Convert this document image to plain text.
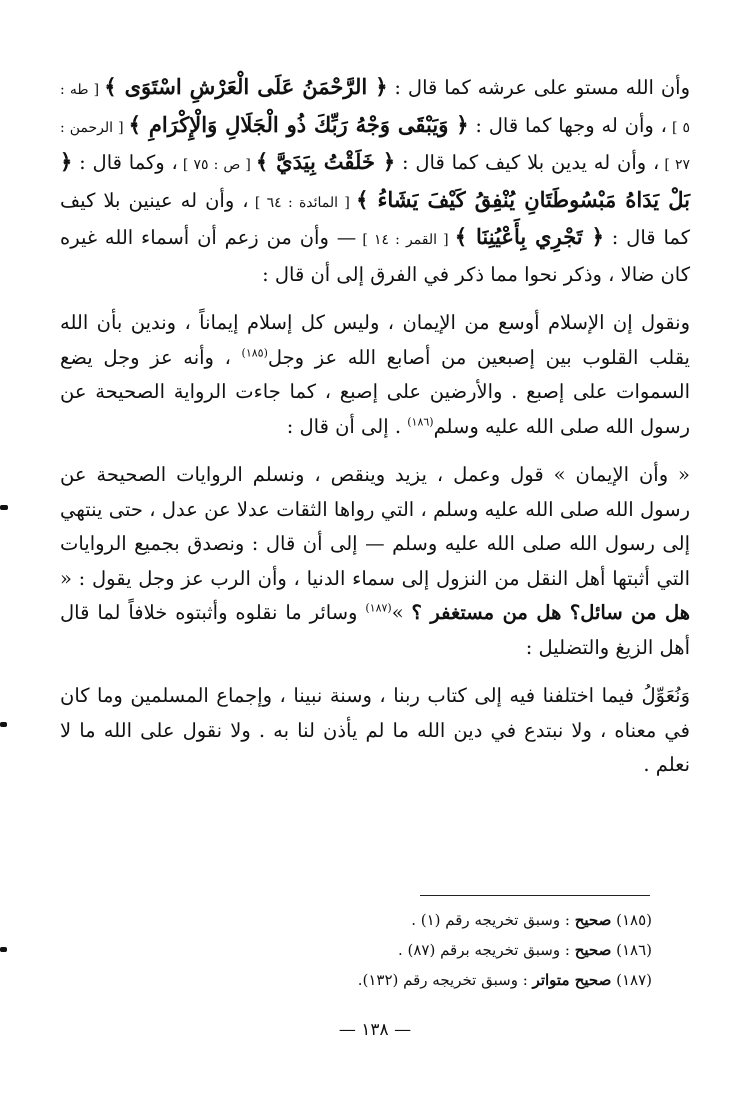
وأن الله مستو على عرشه كما قال : ﴿ الرَّحْمَنُ عَلَى الْعَرْشِ اسْتَوَى ﴾ [ طه : ٥ ] ، وأن له وجها كما قال : ﴿ وَيَبْقَى وَجْهُ رَبِّكَ ذُو الْجَلَالِ وَالْإِكْرَامِ ﴾ [ الرحمن : ٢٧ ] ، وأن له يدين بلا كيف كما قال : ﴿ خَلَقْتُ بِيَدَيَّ ﴾ [ ص : ٧٥ ] ، وكما قال : ﴿ بَلْ يَدَاهُ مَبْسُوطَتَانِ يُنْفِقُ كَيْفَ يَشَاءُ ﴾ [ المائدة : ٦٤ ] ، وأن له عينين بلا كيف كما قال : ﴿ تَجْرِي بِأَعْيُنِنَا ﴾ [ القمر : ١٤ ] — وأن من زعم أن أسماء الله غيره كان ضالا ، وذكر نحوا مما ذكر في الفرق إلى أن قال :

ونقول إن الإسلام أوسع من الإيمان ، وليس كل إسلام إيماناً ، وندين بأن الله يقلب القلوب بين إصبعين من أصابع الله عز وجل$^{(١٨٥)}$ ، وأنه عز وجل يضع السموات على إصبع . والأرضين على إصبع ، كما جاءت الرواية الصحيحة عن رسول الله صلى الله عليه وسلم$^{(١٨٦)}$ . إلى أن قال :

« وأن الإيمان » قول وعمل ، يزيد وينقص ، ونسلم الروايات الصحيحة عن رسول الله صلى الله عليه وسلم ، التي رواها الثقات عدلا عن عدل ، حتى ينتهي إلى رسول الله صلى الله عليه وسلم — إلى أن قال : ونصدق بجميع الروايات التي أثبتها أهل النقل من النزول إلى سماء الدنيا ، وأن الرب عز وجل يقول : « هل من سائل؟ هل من مستغفر ؟ »$^{(١٨٧)}$ وسائر ما نقلوه وأثبتوه خلافاً لما قال أهل الزيغ والتضليل :

وَنُعَوِّلُ فيما اختلفنا فيه إلى كتاب ربنا ، وسنة نبينا ، وإجماع المسلمين وما كان في معناه ، ولا نبتدع في دين الله ما لم يأذن لنا به . ولا نقول على الله ما لا نعلم .

(١٨٥) صحيح : وسبق تخريجه رقم (١) .
(١٨٦) صحيح : وسبق تخريجه برقم (٨٧) .
(١٨٧) صحيح متواتر : وسبق تخريجه رقم (١٣٢).
— ١٣٨ —
